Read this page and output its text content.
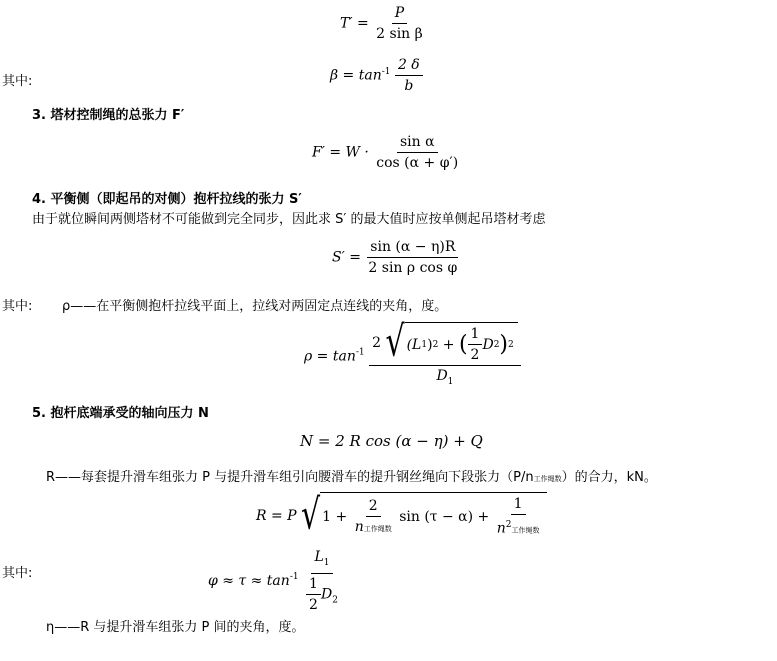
$T' = \frac{P}{\text{2 sin β}}$
其中:	$\beta = \tan^{-1} \frac{2 \delta}{b}$
3. 塔材控制绳的总张力 F′
$F' = W \cdot \frac{\text{sin α}}{\cos (\alpha + \varphi')}$
4. 平衡侧（即起吊的对侧）抱杆拉线的张力 S′
由于就位瞬间两侧塔材不可能做到完全同步，因此求 S′ 的最大值时应按单侧起吊塔材考虑
$S' = \frac{\sin (\alpha - \eta)R}{\text{2 sin ρ cos φ}}$
其中: ρ——在平衡侧抱杆拉线平面上，拉线对两固定点连线的夹角，度。
$\rho = \tan^{-1}$
2 √ (L 1 ) 2
+
( $\frac{1}{2}$ D 2 ) 2
$D_1$
5. 抱杆底端承受的轴向压力 N
N = 2 R cos (α − η) + Q
R——每套提升滑车组张力 P 与提升滑车组引向腰滑车的提升钢丝绳向下段张力（P/n工作绳数）的合力，kN。
R = P √ 1 +
$\frac{2}{\text{n工作绳数}}$
sin (τ − α) +
$\frac{1}{n^2工作绳数}$
其中:	$\varphi \approx \tau \approx \tan^{-1} \frac{L_1}{\frac{1}{2} D_2}$
η——R 与提升滑车组张力 P 间的夹角，度。
